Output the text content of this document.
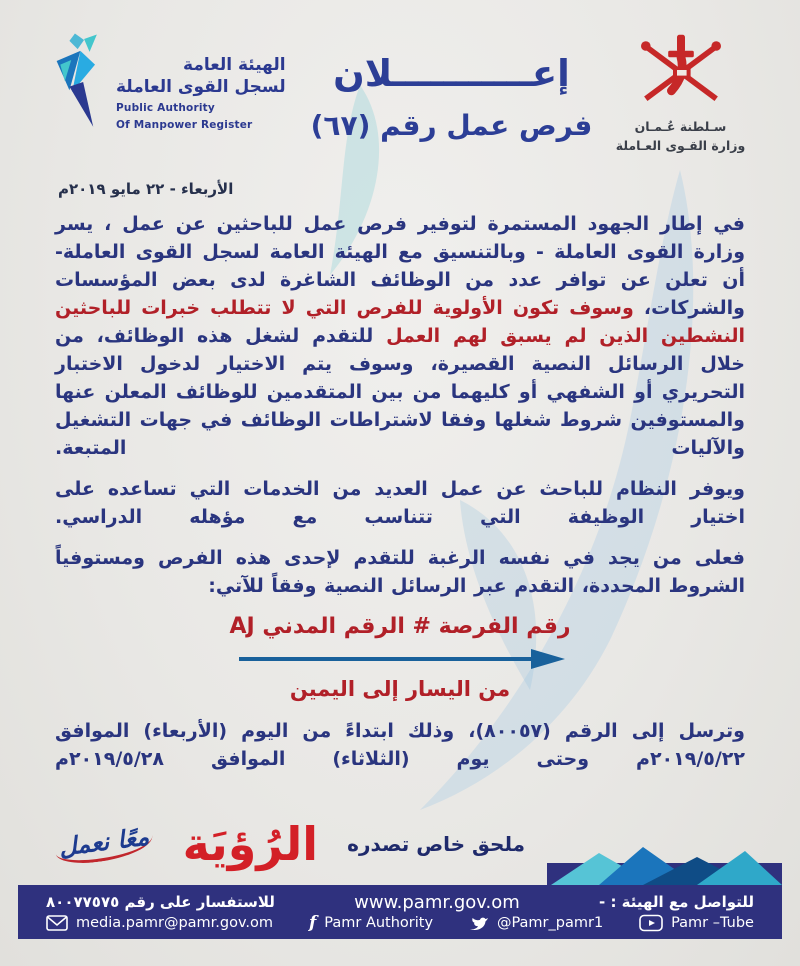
الهيئة العامة
لسجل القوى العاملة
Public Authority
Of Manpower Register
إعـــــــــــلان
فرص عمل رقم (٦٧)	سـلطنة عُـمـان
وزارة القـوى العـاملة
الأربعاء - ٢٢ مايو ٢٠١٩م

في إطار الجهود المستمرة لتوفير فرص عمل للباحثين عن عمل ، يسر وزارة القوى العاملة - وبالتنسيق مع الهيئة العامة لسجل القوى العاملة- أن تعلن عن توافر عدد من الوظائف الشاغرة لدى بعض المؤسسات والشركات، وسوف تكون الأولوية للفرص التي لا تتطلب خبرات للباحثين النشطين الذين لم يسبق لهم العمل للتقدم لشغل هذه الوظائف، من خلال الرسائل النصية القصيرة، وسوف يتم الاختيار لدخول الاختبار التحريري أو الشفهي أو كليهما من بين المتقدمين للوظائف المعلن عنها والمستوفين شروط شغلها وفقا لاشتراطات الوظائف في جهات التشغيل والآليات المتبعة.

ويوفر النظام للباحث عن عمل العديد من الخدمات التي تساعده على اختيار الوظيفة التي تتناسب مع مؤهله الدراسي.

فعلى من يجد في نفسه الرغبة للتقدم لإحدى هذه الفرص ومستوفياً الشروط المحددة، التقدم عبر الرسائل النصية وفقاً للآتي:

رقم الفرصة # الرقم المدني AJ
من اليسار إلى اليمين

وترسل إلى الرقم (٨٠٠٥٧)، وذلك ابتداءً من اليوم (الأربعاء) الموافق ٢٠١٩/٥/٢٢م وحتى يوم (الثلاثاء) الموافق ٢٠١٩/٥/٢٨م

ملحق خاص تصدره
الرُؤيَة
معًا نعمل
للتواصل مع الهيئة : -
www.pamr.gov.om
للاستفسار على رقم ٨٠٠٧٧٥٧٥
media.pamr@pamr.gov.om f Pamr Authority	@Pamr_pamr1	Pamr –Tube
